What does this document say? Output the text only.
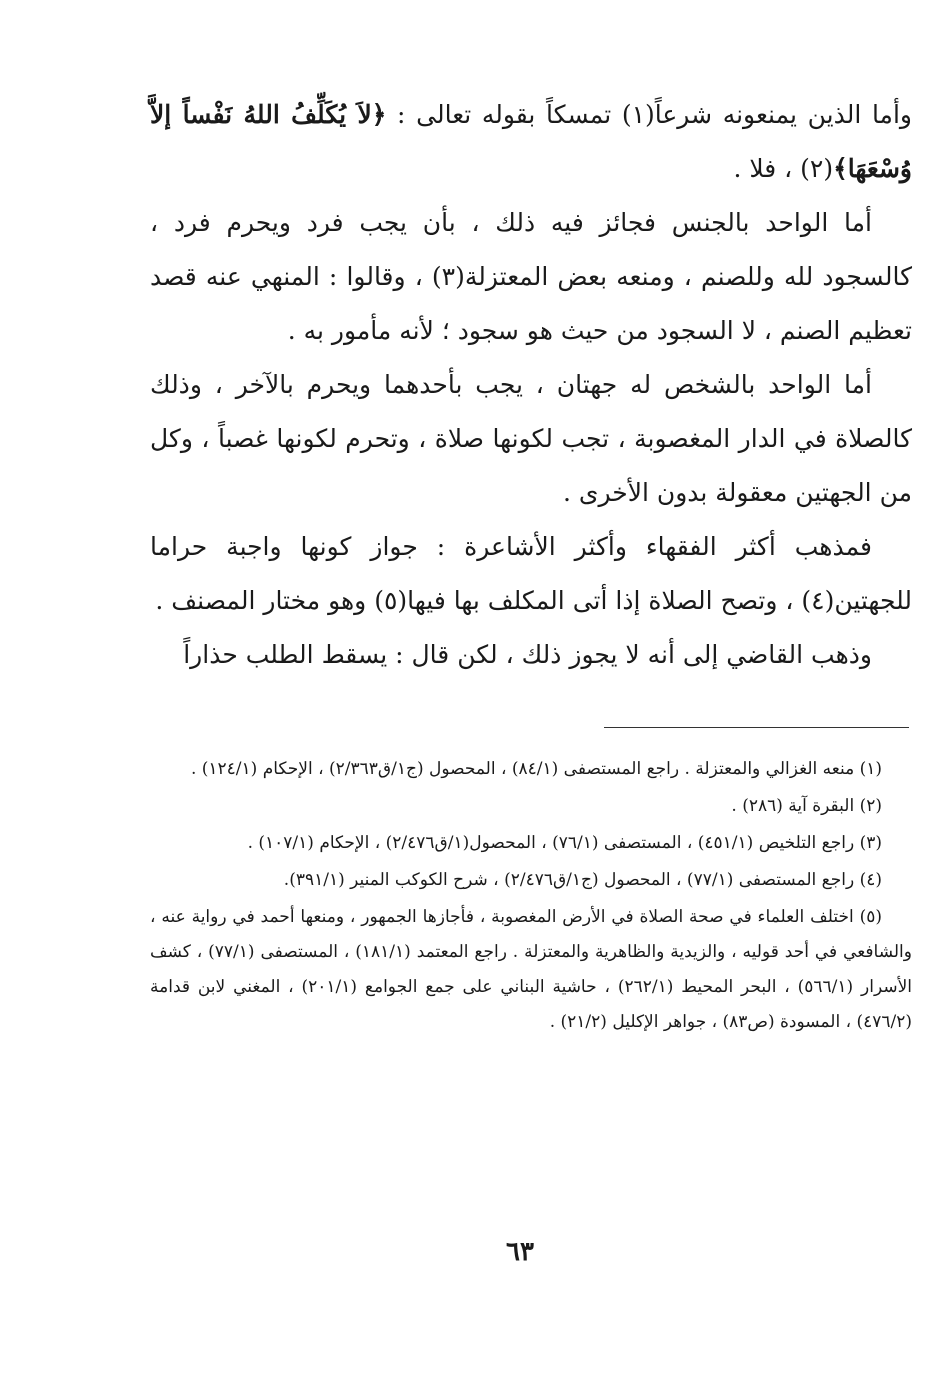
وأما الذين يمنعونه شرعاً(١) تمسكاً بقوله تعالى : ﴿لاَ يُكَلِّفُ اللهُ نَفْساً إلاَّ وُسْعَهَا﴾(٢) ، فلا .

أما الواحد بالجنس فجائز فيه ذلك ، بأن يجب فرد ويحرم فرد ، كالسجود لله وللصنم ، ومنعه بعض المعتزلة(٣) ، وقالوا : المنهي عنه قصد تعظيم الصنم ، لا السجود من حيث هو سجود ؛ لأنه مأمور به .

أما الواحد بالشخص له جهتان ، يجب بأحدهما ويحرم بالآخر ، وذلك كالصلاة في الدار المغصوبة ، تجب لكونها صلاة ، وتحرم لكونها غصباً ، وكل من الجهتين معقولة بدون الأخرى .

فمذهب أكثر الفقهاء وأكثر الأشاعرة : جواز كونها واجبة حراما للجهتين(٤) ، وتصح الصلاة إذا أتى المكلف بها فيها(٥) وهو مختار المصنف .

وذهب القاضي إلى أنه لا يجوز ذلك ، لكن قال : يسقط الطلب حذاراً

(١) منعه الغزالي والمعتزلة . راجع المستصفى (٨٤/١) ، المحصول (ج١/ق٢/٣٦٣) ، الإحكام (١٢٤/١) .

(٢) البقرة آية (٢٨٦) .

(٣) راجع التلخيص (٤٥١/١) ، المستصفى (٧٦/١) ، المحصول(١/ق٢/٤٧٦) ، الإحكام (١٠٧/١) .

(٤) راجع المستصفى (٧٧/١) ، المحصول (ج١/ق٢/٤٧٦) ، شرح الكوكب المنير (٣٩١/١).

(٥) اختلف العلماء في صحة الصلاة في الأرض المغصوبة ، فأجازها الجمهور ، ومنعها أحمد في رواية عنه ، والشافعي في أحد قوليه ، والزيدية والظاهرية والمعتزلة . راجع المعتمد (١٨١/١) ، المستصفى (٧٧/١) ، كشف الأسرار (٥٦٦/١) ، البحر المحيط (٢٦٢/١) ، حاشية البناني على جمع الجوامع (٢٠١/١) ، المغني لابن قدامة (٤٧٦/٢) ، المسودة (ص٨٣) ، جواهر الإكليل (٢١/٢) .

٦٣
